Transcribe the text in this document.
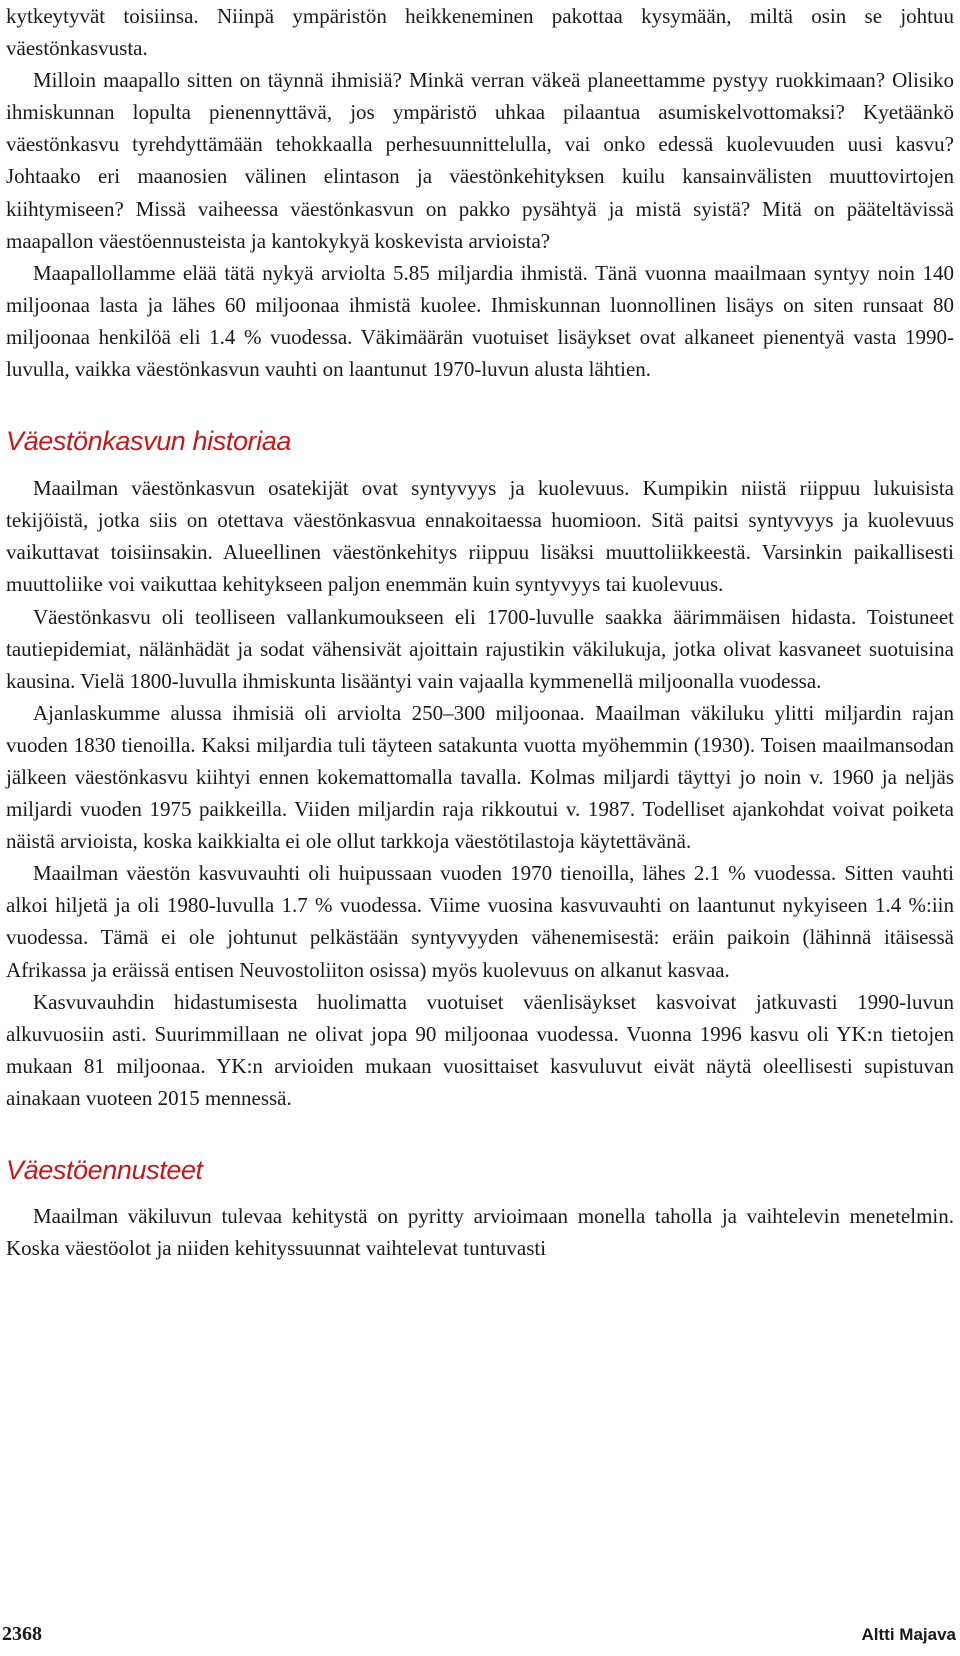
kytkeytyvät toisiinsa. Niinpä ympäristön heikkeneminen pakottaa kysymään, miltä osin se johtuu väestönkasvusta.

Milloin maapallo sitten on täynnä ihmisiä? Minkä verran väkeä planeettamme pystyy ruokkimaan? Olisiko ihmiskunnan lopulta pienennyttävä, jos ympäristö uhkaa pilaantua asumiskelvottomaksi? Kyetäänkö väestönkasvu tyrehdyttämään tehokkaalla perhesuunnittelulla, vai onko edessä kuolevuuden uusi kasvu? Johtaako eri maanosien välinen elintason ja väestönkehityksen kuilu kansainvälisten muuttovirtojen kiihtymiseen? Missä vaiheessa väestönkasvun on pakko pysähtyä ja mistä syistä? Mitä on pääteltävissä maapallon väestöennusteista ja kantokykyä koskevista arvioista?

Maapallollamme elää tätä nykyä arviolta 5.85 miljardia ihmistä. Tänä vuonna maailmaan syntyy noin 140 miljoonaa lasta ja lähes 60 miljoonaa ihmistä kuolee. Ihmiskunnan luonnollinen lisäys on siten runsaat 80 miljoonaa henkilöä eli 1.4 % vuodessa. Väkimäärän vuotuiset lisäykset ovat alkaneet pienentyä vasta 1990-luvulla, vaikka väestönkasvun vauhti on laantunut 1970-luvun alusta lähtien.

Väestönkasvun historiaa

Maailman väestönkasvun osatekijät ovat syntyvyys ja kuolevuus. Kumpikin niistä riippuu lukuisista tekijöistä, jotka siis on otettava väestönkasvua ennakoitaessa huomioon. Sitä paitsi syntyvyys ja kuolevuus vaikuttavat toisiinsakin. Alueellinen väestönkehitys riippuu lisäksi muuttoliikkeestä. Varsinkin paikallisesti muuttoliike voi vaikuttaa kehitykseen paljon enemmän kuin syntyvyys tai kuolevuus.

Väestönkasvu oli teolliseen vallankumoukseen eli 1700-luvulle saakka äärimmäisen hidasta. Toistuneet tautiepidemiat, nälänhädät ja sodat vähensivät ajoittain rajustikin väkilukuja, jotka olivat kasvaneet suotuisina kausina. Vielä 1800-luvulla ihmiskunta lisääntyi vain vajaalla kymmenellä miljoonalla vuodessa.

Ajanlaskumme alussa ihmisiä oli arviolta 250–300 miljoonaa. Maailman väkiluku ylitti miljardin rajan vuoden 1830 tienoilla. Kaksi miljardia tuli täyteen satakunta vuotta myöhemmin (1930). Toisen maailmansodan jälkeen väestönkasvu kiihtyi ennen kokemattomalla tavalla. Kolmas miljardi täyttyi jo noin v. 1960 ja neljäs miljardi vuoden 1975 paikkeilla. Viiden miljardin raja rikkoutui v. 1987. Todelliset ajankohdat voivat poiketa näistä arvioista, koska kaikkialta ei ole ollut tarkkoja väestötilastoja käytettävänä.

Maailman väestön kasvuvauhti oli huipussaan vuoden 1970 tienoilla, lähes 2.1 % vuodessa. Sitten vauhti alkoi hiljetä ja oli 1980-luvulla 1.7 % vuodessa. Viime vuosina kasvuvauhti on laantunut nykyiseen 1.4 %:iin vuodessa. Tämä ei ole johtunut pelkästään syntyvyyden vähenemisestä: eräin paikoin (lähinnä itäisessä Afrikassa ja eräissä entisen Neuvostoliiton osissa) myös kuolevuus on alkanut kasvaa.

Kasvuvauhdin hidastumisesta huolimatta vuotuiset väenlisäykset kasvoivat jatkuvasti 1990-luvun alkuvuosiin asti. Suurimmillaan ne olivat jopa 90 miljoonaa vuodessa. Vuonna 1996 kasvu oli YK:n tietojen mukaan 81 miljoonaa. YK:n arvioiden mukaan vuosittaiset kasvuluvut eivät näytä oleellisesti supistuvan ainakaan vuoteen 2015 mennessä.

Väestöennusteet

Maailman väkiluvun tulevaa kehitystä on pyritty arvioimaan monella taholla ja vaihtelevin menetelmin. Koska väestöolot ja niiden kehityssuunnat vaihtelevat tuntuvasti

2368	Altti Majava
